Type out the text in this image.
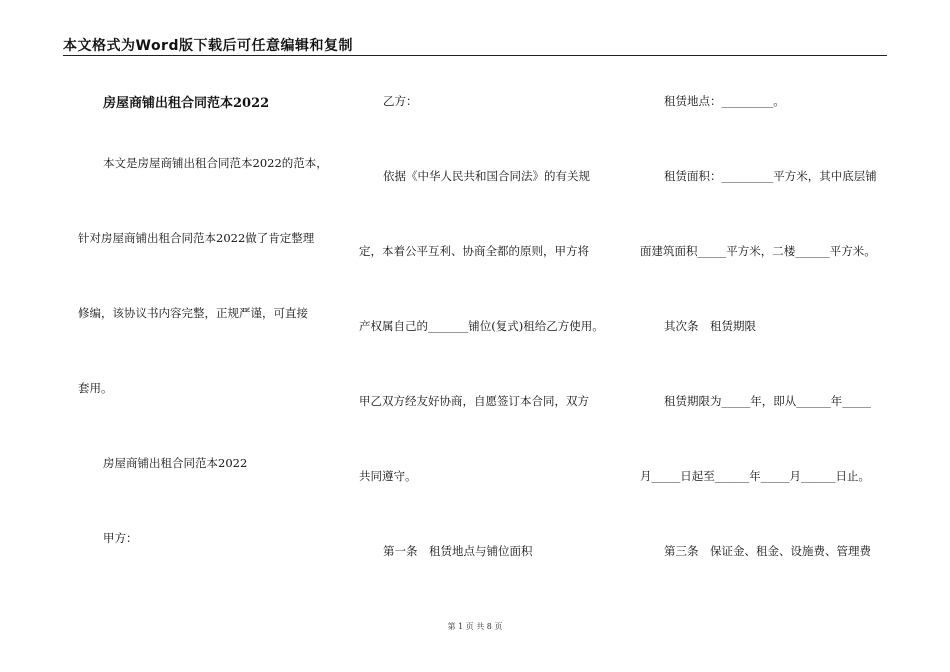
本文格式为Word版下载后可任意编辑和复制
房屋商铺出租合同范本2022
本文是房屋商铺出租合同范本2022的范本，
针对房屋商铺出租合同范本2022做了肯定整理
修编，该协议书内容完整，正规严谨，可直接
套用。
房屋商铺出租合同范本2022
甲方：
乙方：
依据《中华人民共和国合同法》的有关规
定，本着公平互利、协商全都的原则，甲方将
产权属自己的_______铺位(复式)租给乙方使用。
甲乙双方经友好协商，自愿签订本合同，双方
共同遵守。
第一条　租赁地点与铺位面积
租赁地点：_________。
租赁面积：_________平方米，其中底层铺
面建筑面积_____平方米，二楼______平方米。
其次条　租赁期限
租赁期限为_____年，即从______年_____
月_____日起至______年_____月______日止。
第三条　保证金、租金、设施费、管理费
第 1 页 共 8 页
